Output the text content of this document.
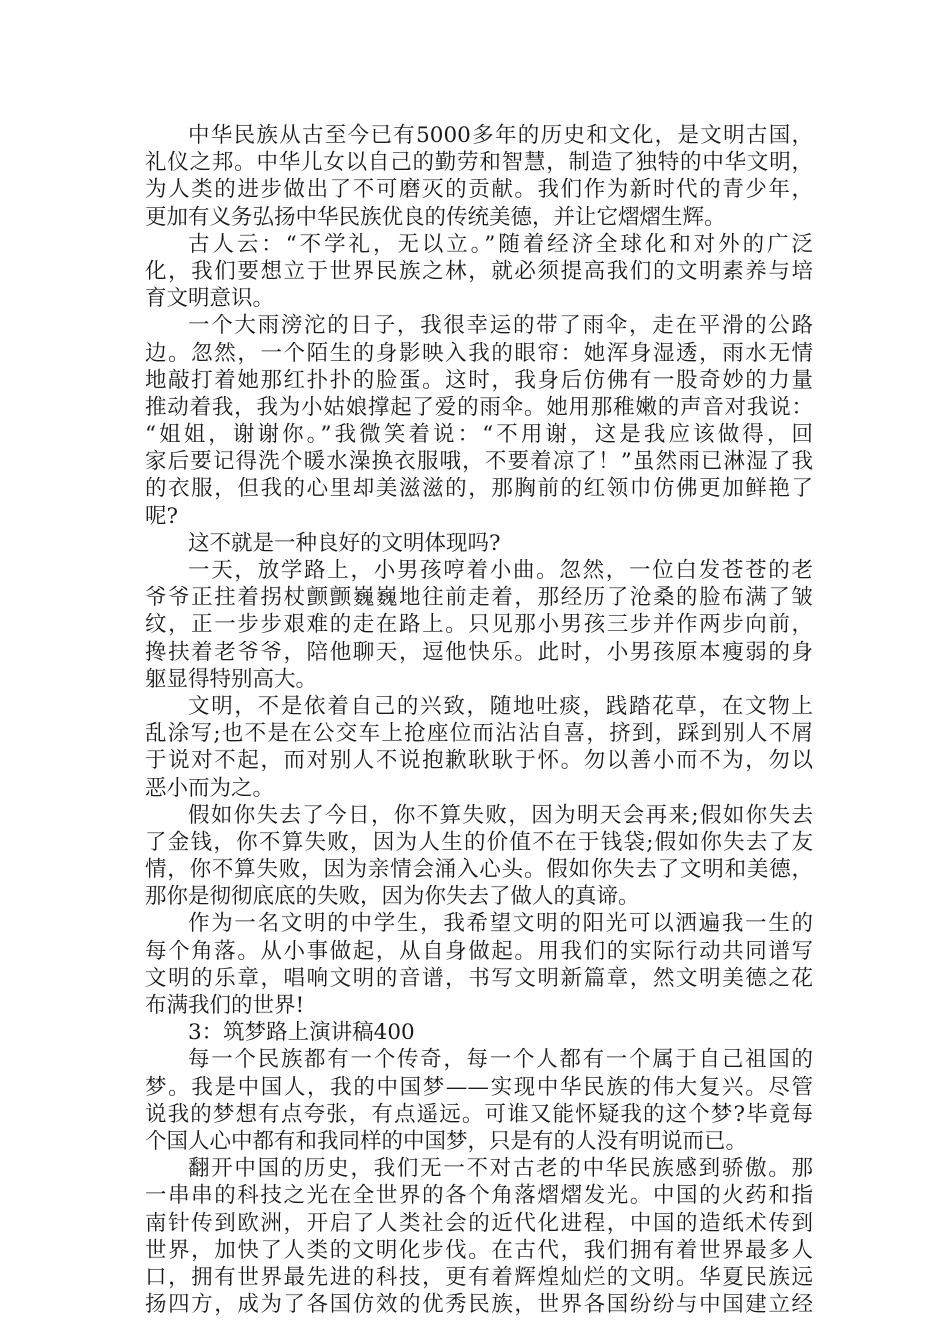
中华民族从古至今已有5000多年的历史和文化，是文明古国，
礼仪之邦。中华儿女以自己的勤劳和智慧，制造了独特的中华文明，
为人类的进步做出了不可磨灭的贡献。我们作为新时代的青少年，
更加有义务弘扬中华民族优良的传统美德，并让它熠熠生辉。
古人云：“不学礼，无以立。”随着经济全球化和对外的广泛
化，我们要想立于世界民族之林，就必须提高我们的文明素养与培
育文明意识。
一个大雨滂沱的日子，我很幸运的带了雨伞，走在平滑的公路
边。忽然，一个陌生的身影映入我的眼帘：她浑身湿透，雨水无情
地敲打着她那红扑扑的脸蛋。这时，我身后仿佛有一股奇妙的力量
推动着我，我为小姑娘撑起了爱的雨伞。她用那稚嫩的声音对我说：
“姐姐，谢谢你。”我微笑着说：“不用谢，这是我应该做得，回
家后要记得洗个暖水澡换衣服哦，不要着凉了！”虽然雨已淋湿了我
的衣服，但我的心里却美滋滋的，那胸前的红领巾仿佛更加鲜艳了
呢?
这不就是一种良好的文明体现吗?
一天，放学路上，小男孩哼着小曲。忽然，一位白发苍苍的老
爷爷正拄着拐杖颤颤巍巍地往前走着，那经历了沧桑的脸布满了皱
纹，正一步步艰难的走在路上。只见那小男孩三步并作两步向前，
搀扶着老爷爷，陪他聊天，逗他快乐。此时，小男孩原本瘦弱的身
躯显得特别高大。
文明，不是依着自己的兴致，随地吐痰，践踏花草，在文物上
乱涂写;也不是在公交车上抢座位而沾沾自喜，挤到，踩到别人不屑
于说对不起，而对别人不说抱歉耿耿于怀。勿以善小而不为，勿以
恶小而为之。
假如你失去了今日，你不算失败，因为明天会再来;假如你失去
了金钱，你不算失败，因为人生的价值不在于钱袋;假如你失去了友
情，你不算失败，因为亲情会涌入心头。假如你失去了文明和美德，
那你是彻彻底底的失败，因为你失去了做人的真谛。
作为一名文明的中学生，我希望文明的阳光可以洒遍我一生的
每个角落。从小事做起，从自身做起。用我们的实际行动共同谱写
文明的乐章，唱响文明的音谱，书写文明新篇章，然文明美德之花
布满我们的世界!
3：筑梦路上演讲稿400
每一个民族都有一个传奇，每一个人都有一个属于自己祖国的
梦。我是中国人，我的中国梦——实现中华民族的伟大复兴。尽管
说我的梦想有点夸张，有点遥远。可谁又能怀疑我的这个梦?毕竟每
个国人心中都有和我同样的中国梦，只是有的人没有明说而已。
翻开中国的历史，我们无一不对古老的中华民族感到骄傲。那
一串串的科技之光在全世界的各个角落熠熠发光。中国的火药和指
南针传到欧洲，开启了人类社会的近代化进程，中国的造纸术传到
世界，加快了人类的文明化步伐。在古代，我们拥有着世界最多人
口，拥有世界最先进的科技，更有着辉煌灿烂的文明。华夏民族远
扬四方，成为了各国仿效的优秀民族，世界各国纷纷与中国建立经
